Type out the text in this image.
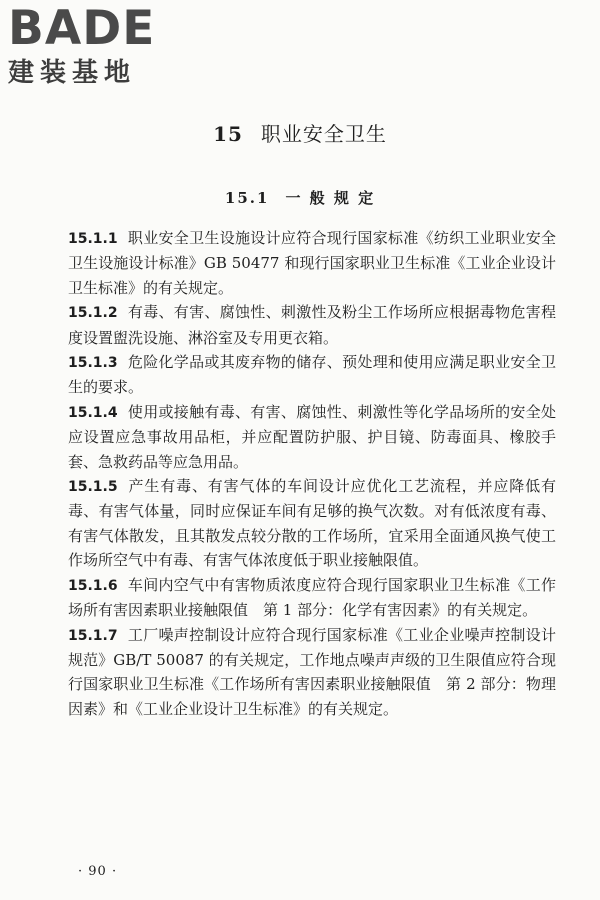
BADE
建装基地
15 职业安全卫生
15.1 一 般 规 定

15.1.1 职业安全卫生设施设计应符合现行国家标准《纺织工业职业安全卫生设施设计标准》GB 50477 和现行国家职业卫生标准《工业企业设计卫生标准》的有关规定。

15.1.2 有毒、有害、腐蚀性、刺激性及粉尘工作场所应根据毒物危害程度设置盥洗设施、淋浴室及专用更衣箱。

15.1.3 危险化学品或其废弃物的储存、预处理和使用应满足职业安全卫生的要求。

15.1.4 使用或接触有毒、有害、腐蚀性、刺激性等化学品场所的安全处应设置应急事故用品柜，并应配置防护服、护目镜、防毒面具、橡胶手套、急救药品等应急用品。

15.1.5 产生有毒、有害气体的车间设计应优化工艺流程，并应降低有毒、有害气体量，同时应保证车间有足够的换气次数。对有低浓度有毒、有害气体散发，且其散发点较分散的工作场所，宜采用全面通风换气使工作场所空气中有毒、有害气体浓度低于职业接触限值。

15.1.6 车间内空气中有害物质浓度应符合现行国家职业卫生标准《工作场所有害因素职业接触限值　第 1 部分：化学有害因素》的有关规定。

15.1.7 工厂噪声控制设计应符合现行国家标准《工业企业噪声控制设计规范》GB/T 50087 的有关规定，工作地点噪声声级的卫生限值应符合现行国家职业卫生标准《工作场所有害因素职业接触限值　第 2 部分：物理因素》和《工业企业设计卫生标准》的有关规定。

· 90 ·
